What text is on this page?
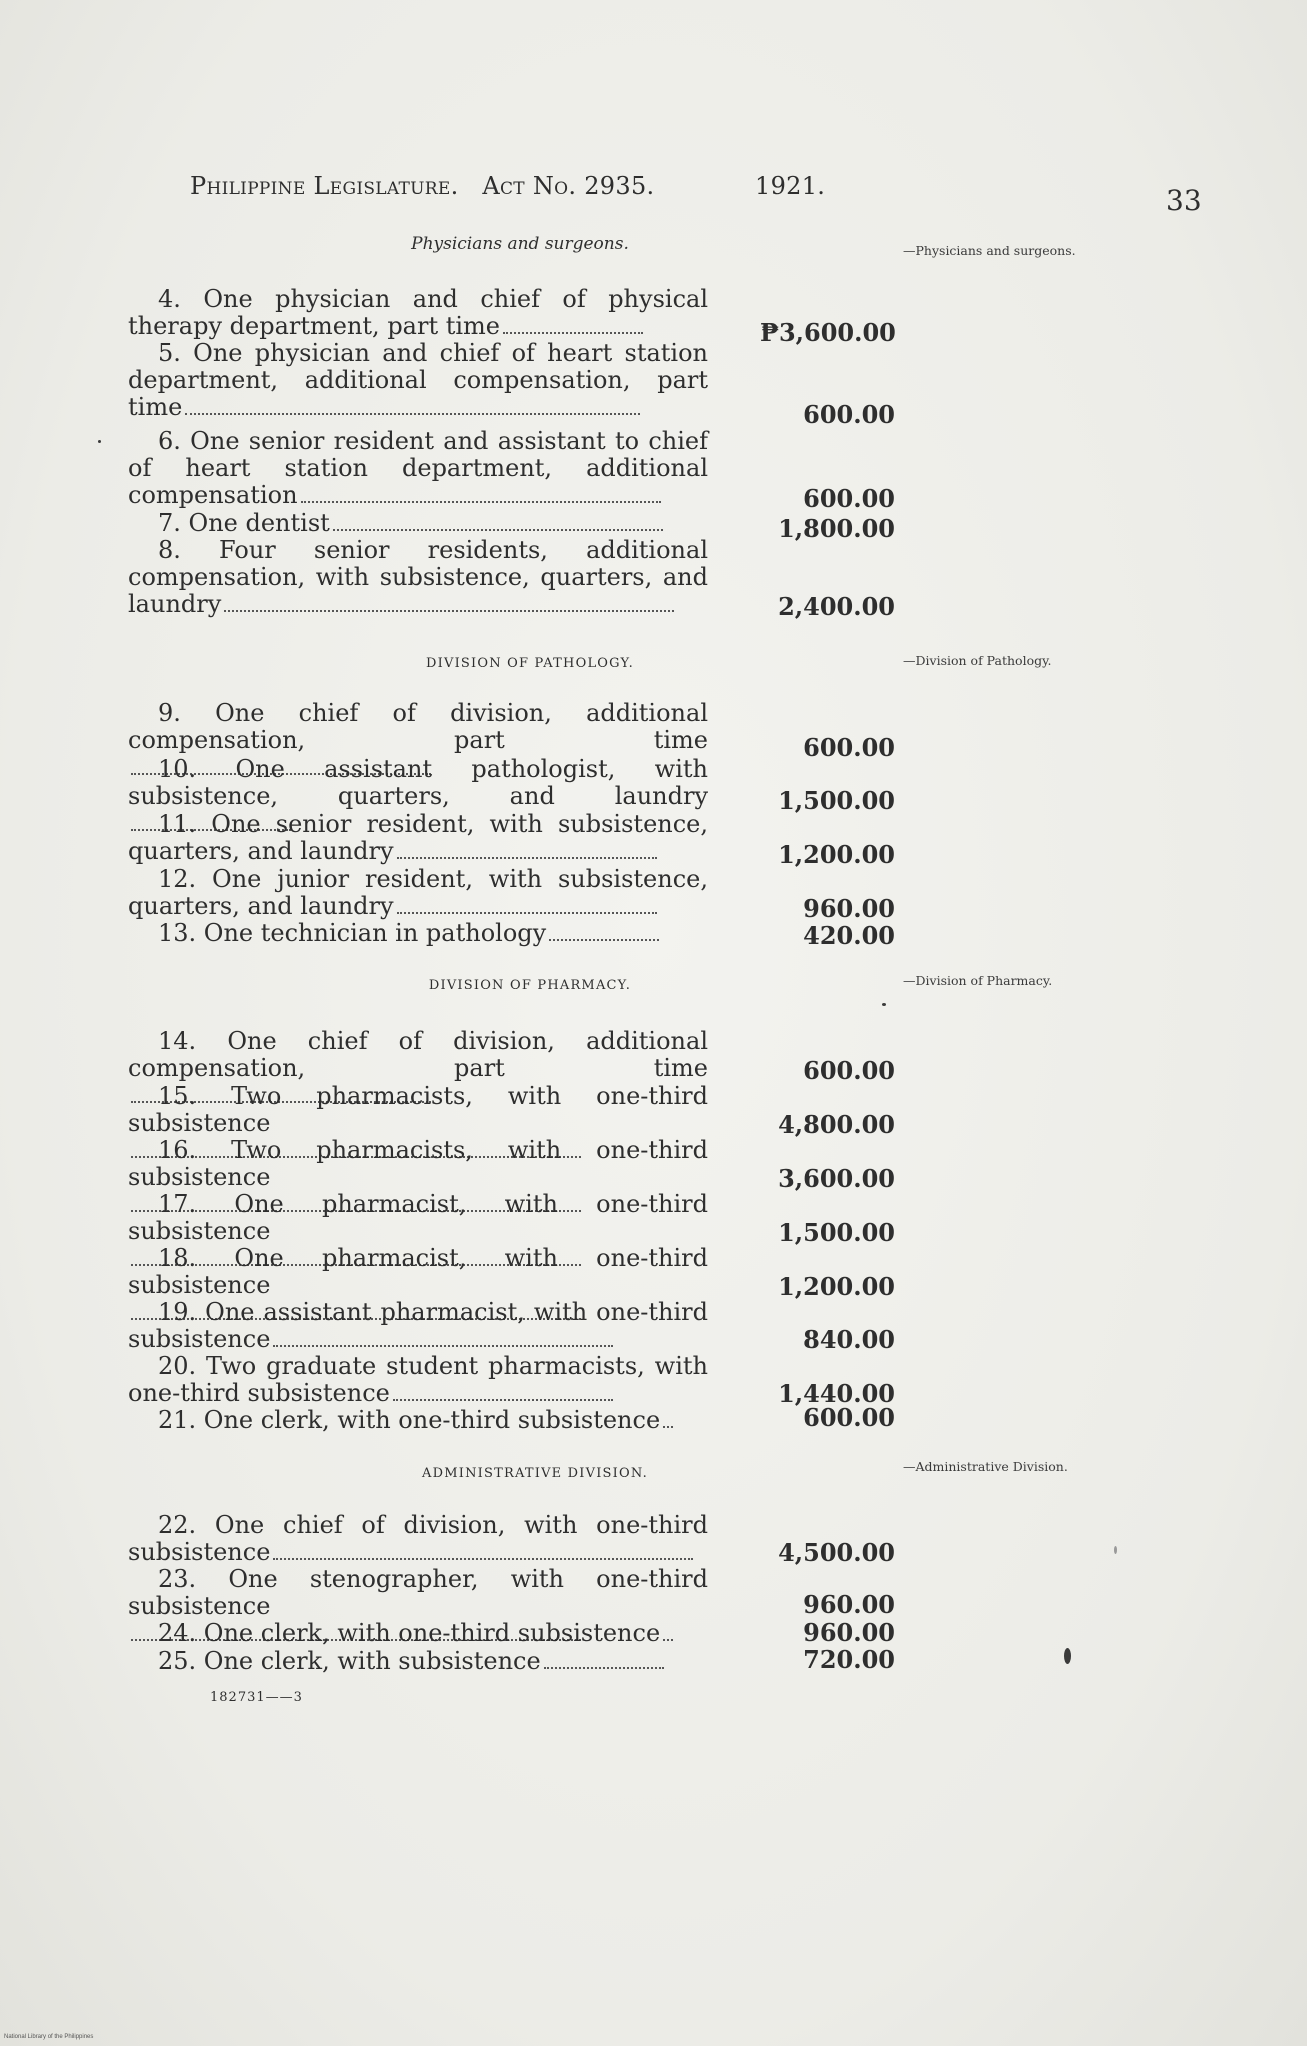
Philippine Legislature. Act No. 2935.	1921.	33
Physicians and surgeons.	—Physicians and surgeons.
4. One physician and chief of physical therapy department, part time	₱3,600.00
5. One physician and chief of heart station department, additional compensation, part time	600.00
6. One senior resident and assistant to chief of heart station department, additional compensation	600.00
7. One dentist	1,800.00
8. Four senior residents, additional compensation, with subsistence, quarters, and laundry	2,400.00
DIVISION OF PATHOLOGY.	—Division of Pathology.
9. One chief of division, additional compensation, part time	600.00
10. One assistant pathologist, with subsistence, quarters, and laundry	1,500.00
11. One senior resident, with subsistence, quarters, and laundry	1,200.00
12. One junior resident, with subsistence, quarters, and laundry	960.00
13. One technician in pathology	420.00
DIVISION OF PHARMACY.	—Division of Pharmacy.
14. One chief of division, additional compensation, part time	600.00
15. Two pharmacists, with one-third subsistence	4,800.00
16. Two pharmacists, with one-third subsistence	3,600.00
17. One pharmacist, with one-third subsistence	1,500.00
18. One pharmacist, with one-third subsistence	1,200.00
19. One assistant pharmacist, with one-third subsistence	840.00
20. Two graduate student pharmacists, with one-third subsistence	1,440.00
21. One clerk, with one-third subsistence	600.00
ADMINISTRATIVE DIVISION.	—Administrative Division.
22. One chief of division, with one-third subsistence	4,500.00
23. One stenographer, with one-third subsistence	960.00
24. One clerk, with one-third subsistence	960.00
25. One clerk, with subsistence	720.00
182731——3
National Library of the Philippines
